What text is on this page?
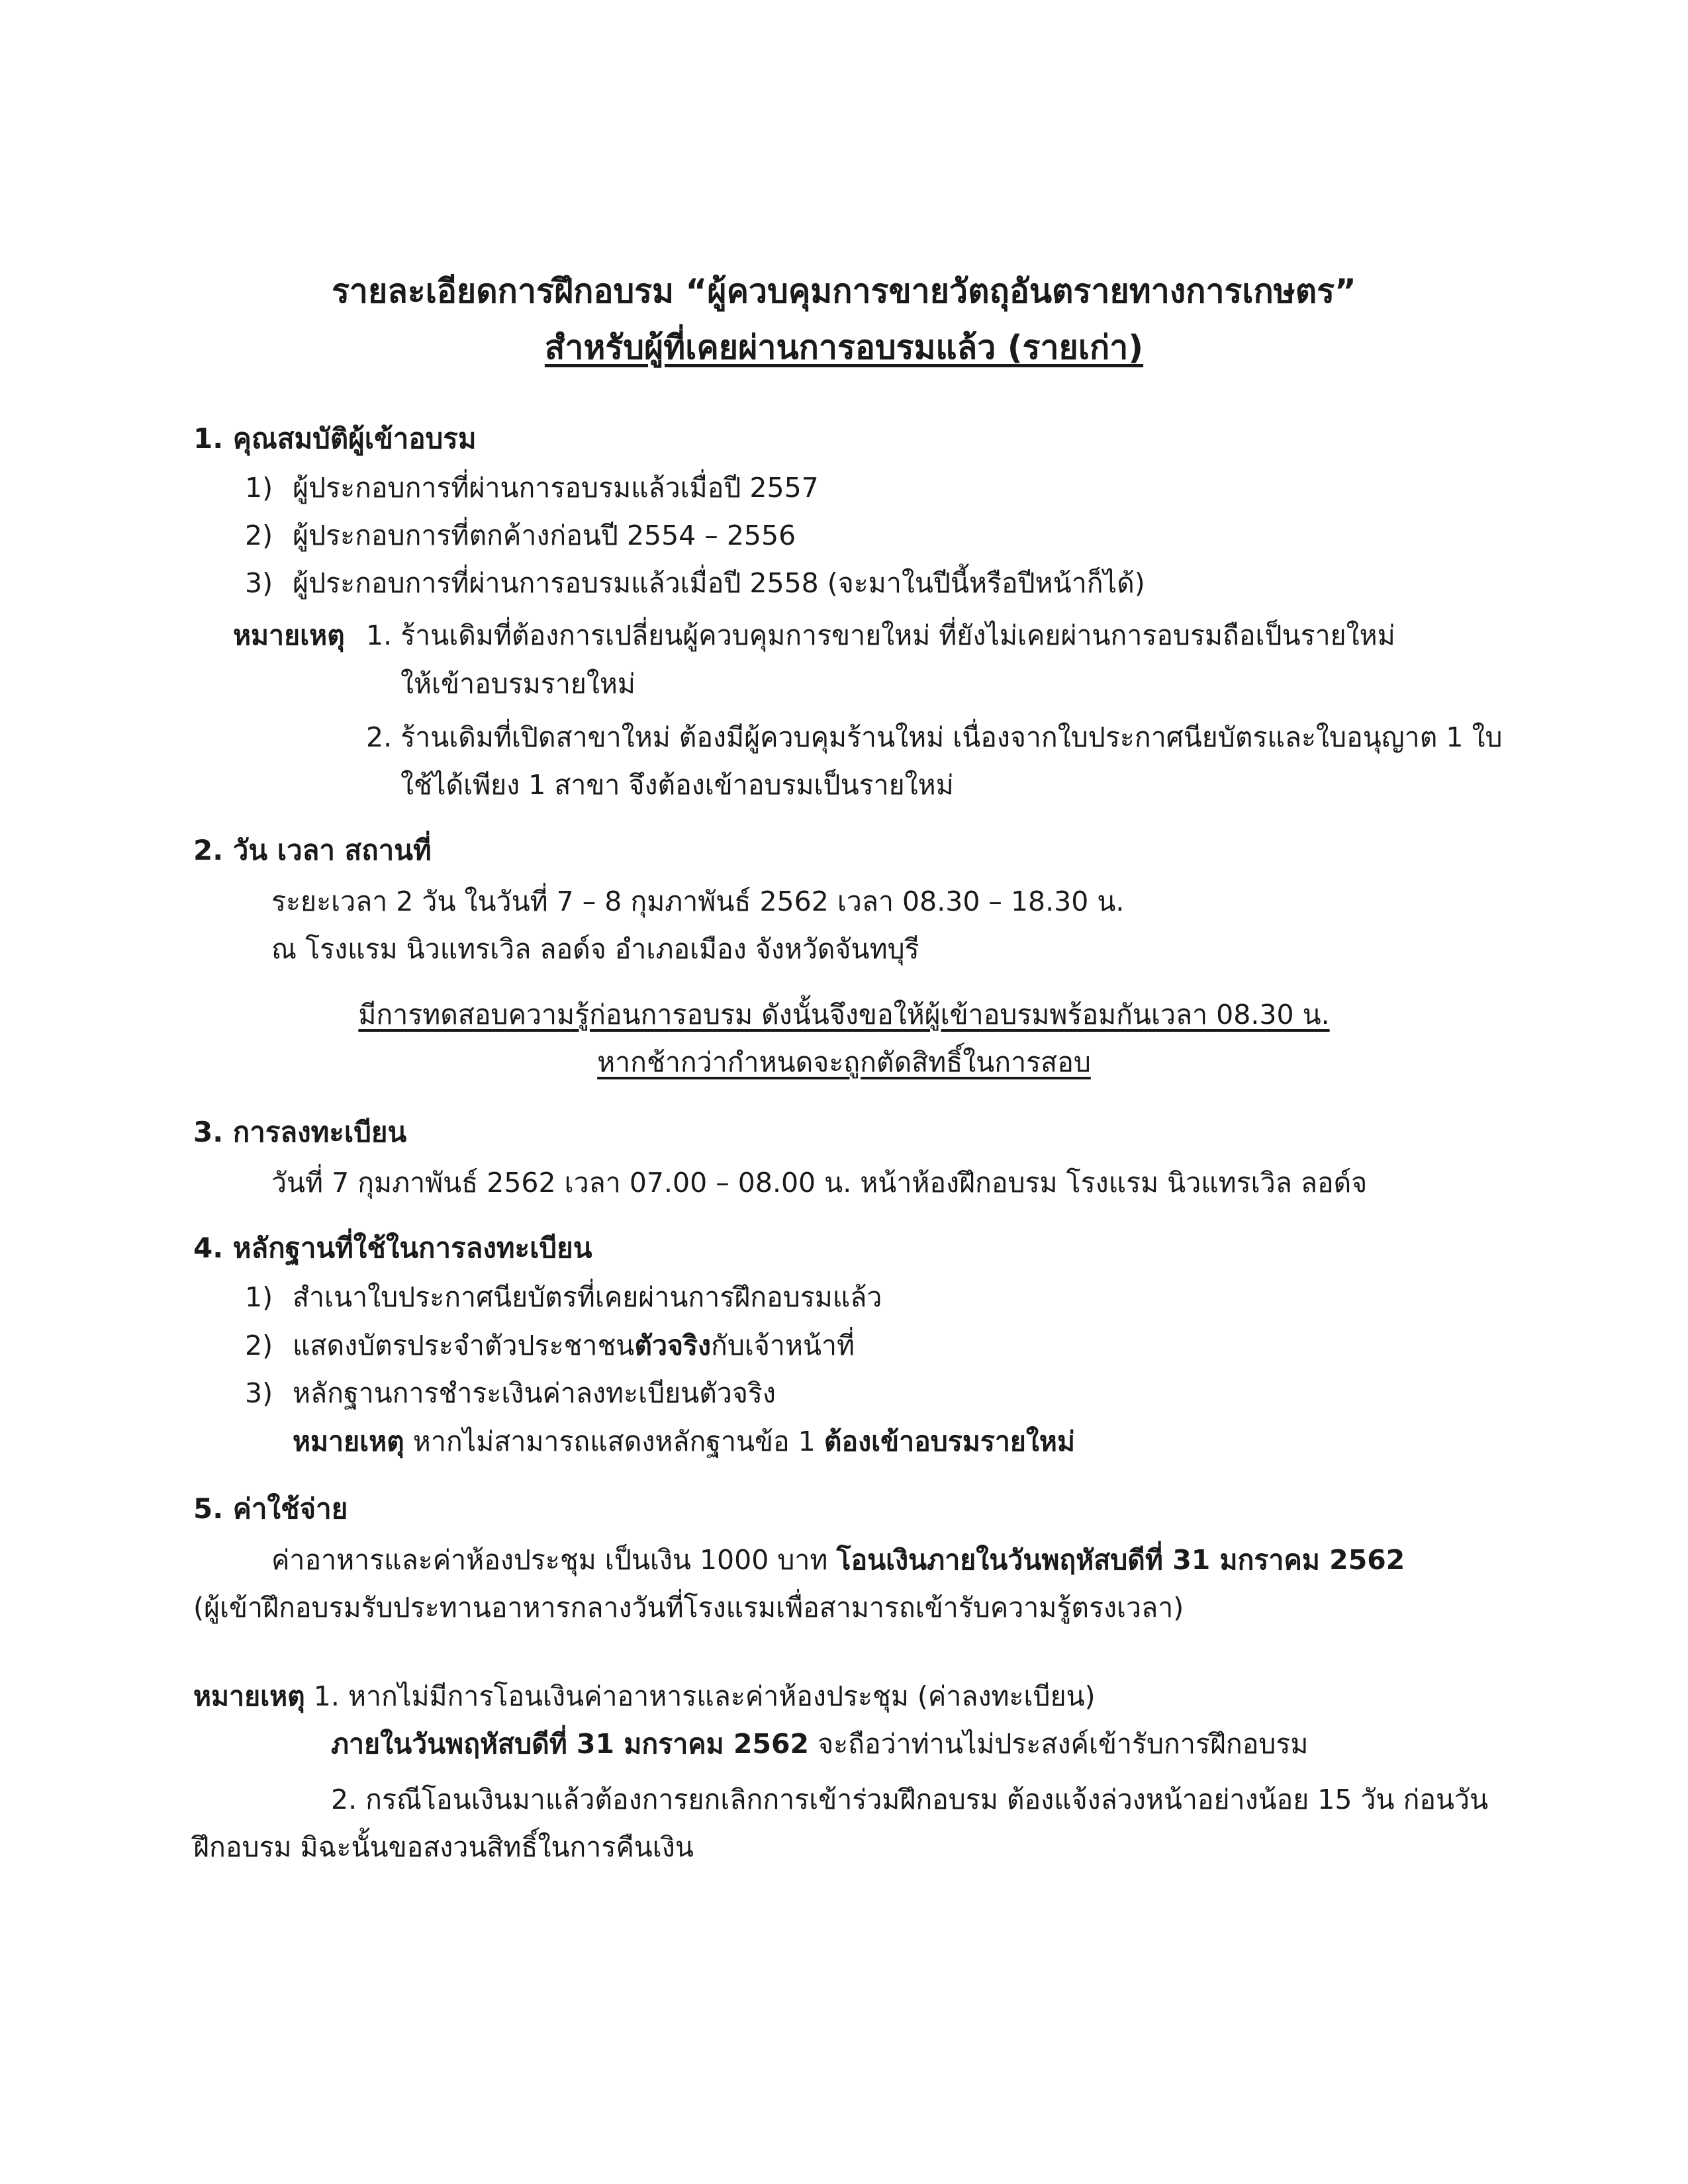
รายละเอียดการฝึกอบรม “ผู้ควบคุมการขายวัตถุอันตรายทางการเกษตร”
สำหรับผู้ที่เคยผ่านการอบรมแล้ว (รายเก่า)
1. คุณสมบัติผู้เข้าอบรม
1) ผู้ประกอบการที่ผ่านการอบรมแล้วเมื่อปี 2557
2) ผู้ประกอบการที่ตกค้างก่อนปี 2554 – 2556
3) ผู้ประกอบการที่ผ่านการอบรมแล้วเมื่อปี 2558 (จะมาในปีนี้หรือปีหน้าก็ได้)
หมายเหตุ 1. ร้านเดิมที่ต้องการเปลี่ยนผู้ควบคุมการขายใหม่ ที่ยังไม่เคยผ่านการอบรมถือเป็นรายใหม่
ให้เข้าอบรมรายใหม่
2. ร้านเดิมที่เปิดสาขาใหม่ ต้องมีผู้ควบคุมร้านใหม่ เนื่องจากใบประกาศนียบัตรและใบอนุญาต 1 ใบ
ใช้ได้เพียง 1 สาขา จึงต้องเข้าอบรมเป็นรายใหม่
2. วัน เวลา สถานที่
ระยะเวลา 2 วัน ในวันที่ 7 – 8 กุมภาพันธ์ 2562 เวลา 08.30 – 18.30 น.
ณ โรงแรม นิวแทรเวิล ลอด์จ อำเภอเมือง จังหวัดจันทบุรี
มีการทดสอบความรู้ก่อนการอบรม ดังนั้นจึงขอให้ผู้เข้าอบรมพร้อมกันเวลา 08.30 น.
หากช้ากว่ากำหนดจะถูกตัดสิทธิ์ในการสอบ
3. การลงทะเบียน
วันที่ 7 กุมภาพันธ์ 2562 เวลา 07.00 – 08.00 น. หน้าห้องฝึกอบรม โรงแรม นิวแทรเวิล ลอด์จ
4. หลักฐานที่ใช้ในการลงทะเบียน
1) สำเนาใบประกาศนียบัตรที่เคยผ่านการฝึกอบรมแล้ว
2) แสดงบัตรประจำตัวประชาชนตัวจริงกับเจ้าหน้าที่
3) หลักฐานการชำระเงินค่าลงทะเบียนตัวจริง
หมายเหตุ หากไม่สามารถแสดงหลักฐานข้อ 1 ต้องเข้าอบรมรายใหม่
5. ค่าใช้จ่าย
ค่าอาหารและค่าห้องประชุม เป็นเงิน 1000 บาท โอนเงินภายในวันพฤหัสบดีที่ 31 มกราคม 2562
(ผู้เข้าฝึกอบรมรับประทานอาหารกลางวันที่โรงแรมเพื่อสามารถเข้ารับความรู้ตรงเวลา)
หมายเหตุ 1. หากไม่มีการโอนเงินค่าอาหารและค่าห้องประชุม (ค่าลงทะเบียน)
ภายในวันพฤหัสบดีที่ 31 มกราคม 2562 จะถือว่าท่านไม่ประสงค์เข้ารับการฝึกอบรม
2. กรณีโอนเงินมาแล้วต้องการยกเลิกการเข้าร่วมฝึกอบรม ต้องแจ้งล่วงหน้าอย่างน้อย 15 วัน ก่อนวัน
ฝึกอบรม มิฉะนั้นขอสงวนสิทธิ์ในการคืนเงิน
